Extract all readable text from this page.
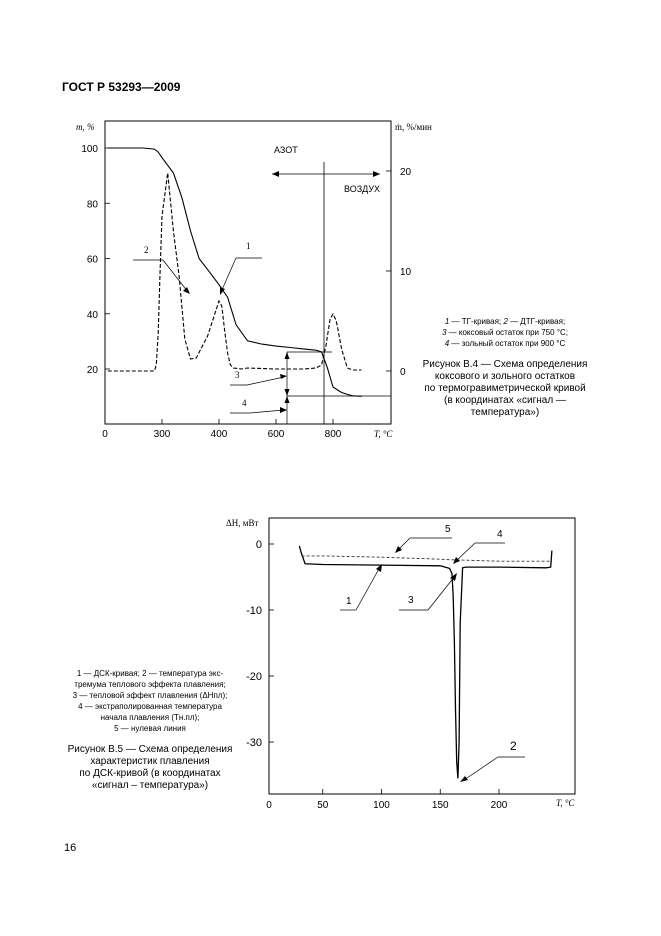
ГОСТ Р 53293—2009
0	300	400	600	800
100
80
60
40
20
20
10
0
m, %	ṁ, %/мин
T, °C
АЗОТ
ВОЗДУХ
2	1
3
4
1 — ТГ-кривая; 2 — ДТГ-кривая;
3 — коксовый остаток при 750 °С;
4 — зольный остаток при 900 °С
Рисунок В.4 — Схема определения
коксового и зольного остатков
по термогравиметрической кривой
(в координатах «сигнал —
температура»)
0	50	100	150	200
0
-10
-20
-30
ΔH, мВт
T, °C
1	3
5	4
2
1 — ДСК-кривая; 2 — температура экс-
тремума теплового эффекта плавления;
3 — тепловой эффект плавления (ΔHпл);
4 — экстраполированная температура
начала плавления (Tн.пл);
5 — нулевая линия
Рисунок В.5 — Схема определения
характеристик плавления
по ДСК-кривой (в координатах
«сигнал – температура»)
16
